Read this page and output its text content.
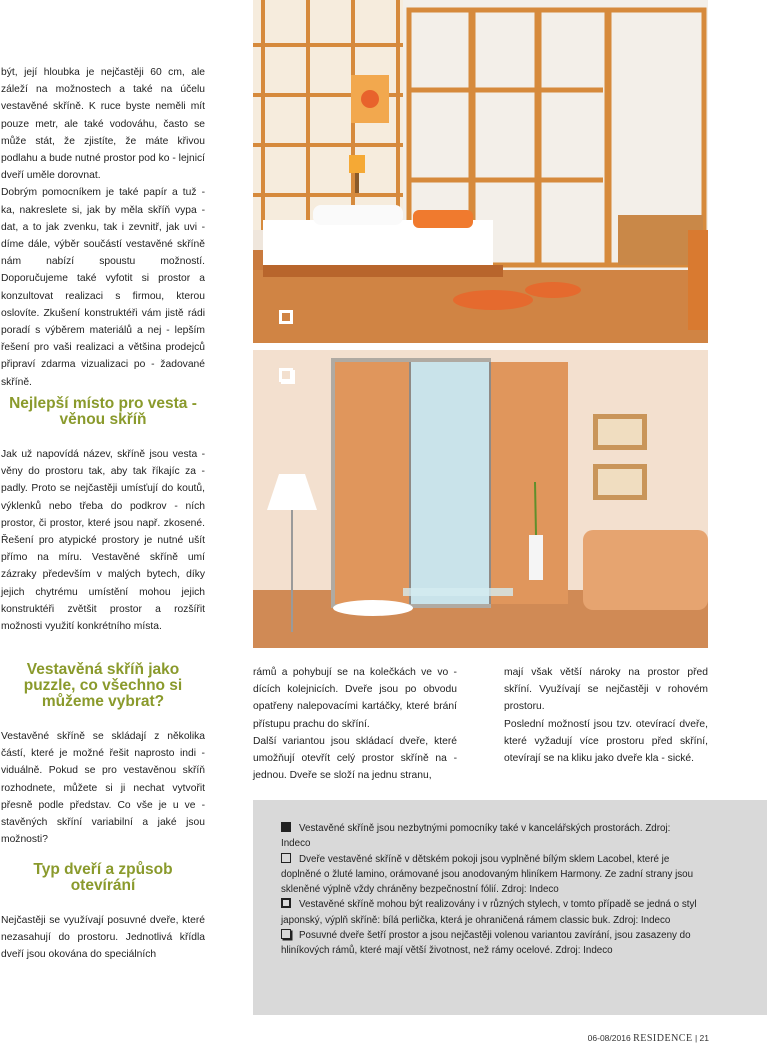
být, její hloubka je nejčastěji 60 cm, ale záleží na možnostech a také na účelu vestavěné skříně. K ruce byste neměli mít pouze metr, ale také vodováhu, často se může stát, že zjistíte, že máte křivou podlahu a bude nutné prostor pod ko - lejnicí dveří uměle dorovnat.

Dobrým pomocníkem je také papír a tuž - ka, nakreslete si, jak by měla skříň vypa - dat, a to jak zvenku, tak i zevnitř, jak uvi - díme dále, výběr součástí vestavěné skříně nám nabízí spoustu možností. Doporučujeme také vyfotit si prostor a konzultovat realizaci s firmou, kterou oslovíte. Zkušení konstruktéři vám jistě rádi poradí s výběrem materiálů a nej - lepším řešení pro vaši realizaci a většina prodejců připraví zdarma vizualizaci po - žadované skříně.

Nejlepší místo pro vesta - věnou skříň

Jak už napovídá název, skříně jsou vesta - věny do prostoru tak, aby tak říkajíc za - padly. Proto se nejčastěji umísťují do koutů, výklenků nebo třeba do podkrov - ních prostor, či prostor, které jsou např. zkosené. Řešení pro atypické prostory je nutné ušít přímo na míru. Vestavěné skříně umí zázraky především v malých bytech, díky jejich chytrému umístění mohou jejich konstruktéři zvětšit prostor a rozšířit možnosti využití konkrétního místa.

Vestavěná skříň jako puzzle, co všechno si můžeme vybrat?

Vestavěné skříně se skládají z několika částí, které je možné řešit naprosto indi - viduálně. Pokud se pro vestavěnou skříň rozhodnete, můžete si ji nechat vytvořit přesně podle představ. Co vše je u ve - stavěných skříní variabilní a jaké jsou možnosti?

Typ dveří a způsob otevírání

Nejčastěji se využívají posuvné dveře, které nezasahují do prostoru. Jednotlivá křídla dveří jsou okována do speciálních

rámů a pohybují se na kolečkách ve vo - dících kolejnicích. Dveře jsou po obvodu opatřeny nalepovacími kartáčky, které brání přístupu prachu do skříní.

Další variantou jsou skládací dveře, které umožňují otevřít celý prostor skříně na - jednou. Dveře se složí na jednu stranu,

mají však větší nároky na prostor před skříní. Využívají se nejčastěji v rohovém prostoru.

Poslední možností jsou tzv. otevírací dveře, které vyžadují více prostoru před skříní, otevírají se na kliku jako dveře kla - sické.

Vestavěné skříně jsou nezbytnými pomocníky také v kancelářských prostorách. Zdroj: Indeco

Dveře vestavěné skříně v dětském pokoji jsou vyplněné bílým sklem Lacobel, které je doplněné o žluté lamino, orámované jsou anodovaným hliníkem Harmony. Ze zadní strany jsou skleněné výplně vždy chráněny bezpečnostní fólií. Zdroj: Indeco

Vestavěné skříně mohou být realizovány i v různých stylech, v tomto případě se jedná o styl japonský, výplň skříně: bílá perlička, která je ohraničená rámem classic buk. Zdroj: Indeco

Posuvné dveře šetří prostor a jsou nejčastěji volenou variantou zavírání, jsou zasazeny do hliníkových rámů, které mají větší životnost, než rámy ocelové. Zdroj: Indeco

06-08/2016 RESIDENCE | 21
